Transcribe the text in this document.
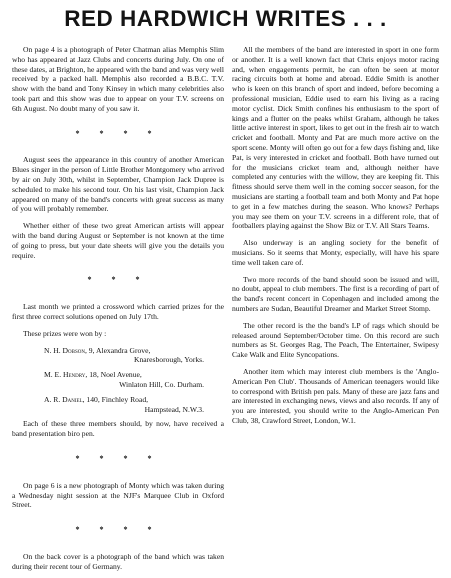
RED HARDWICH WRITES . . .

On page 4 is a photograph of Peter Chatman alias Memphis Slim who has appeared at Jazz Clubs and concerts during July. On one of these dates, at Brighton, he appeared with the band and was very well received by a packed hall. Memphis also recorded a B.B.C. T.V. show with the band and Tony Kinsey in which many celebrities also took part and this show was due to appear on your T.V. screens on 6th August. No doubt many of you saw it.

* * * *

August sees the appearance in this country of another American Blues singer in the person of Little Brother Montgomery who arrived by air on July 30th, whilst in September, Champion Jack Dupree is scheduled to make his second tour. On his last visit, Champion Jack appeared on many of the band's concerts with great success as many of you will probably remember.

Whether either of these two great American artists will appear with the band during August or September is not known at the time of going to press, but your date sheets will give you the details you require.

* * *

Last month we printed a crossword which carried prizes for the first three correct solutions opened on July 17th.

These prizes were won by :

N. H. Dobson, 9, Alexandra Grove,
Knaresborough, Yorks.

M. E. Hendry, 18, Noel Avenue,
Winlaton Hill, Co. Durham.

A. R. Daniel, 140, Finchley Road,
Hampstead, N.W.3.

Each of these three members should, by now, have received a band presentation biro pen.

* * * *

On page 6 is a new photograph of Monty which was taken during a Wednesday night session at the NJF's Marquee Club in Oxford Street.

* * * *

On the back cover is a photograph of the band which was taken during their recent tour of Germany.

All the members of the band are interested in sport in one form or another. It is a well known fact that Chris enjoys motor racing and, when engagements permit, he can often be seen at motor racing circuits both at home and abroad. Eddie Smith is another who is keen on this branch of sport and indeed, before becoming a professional musician, Eddie used to earn his living as a racing motor cyclist. Dick Smith confines his enthusiasm to the sport of kings and a flutter on the peaks whilst Graham, although he takes little active interest in sport, likes to get out in the fresh air to watch cricket and football. Monty and Pat are much more active on the sport scene. Monty will often go out for a few days fishing and, like Pat, is very interested in cricket and football. Both have turned out for the musicians cricket team and, although neither have completed any centuries with the willow, they are keeping fit. This fitness should serve them well in the coming soccer season, for the musicians are starting a football team and both Monty and Pat hope to get in a few matches during the season. Who knows? Perhaps you may see them on your T.V. screens in a different role, that of footballers playing against the Show Biz or T.V. All Stars Teams.

Also underway is an angling society for the benefit of musicians. So it seems that Monty, especially, will have his spare time well taken care of.

Two more records of the band should soon be issued and will, no doubt, appeal to club members. The first is a recording of part of the band's recent concert in Copenhagen and included among the numbers are Sudan, Beautiful Dreamer and Market Street Stomp.

The other record is the the band's LP of rags which should be released around September/October time. On this record are such numbers as St. Georges Rag, The Peach, The Entertainer, Swipesy Cake Walk and Elite Syncopations.

Another item which may interest club members is the 'Anglo-American Pen Club'. Thousands of American teenagers would like to correspond with British pen pals. Many of these are jazz fans and are interested in exchanging news, views and also records. If any of you are interested, you should write to the Anglo-American Pen Club, 38, Crawford Street, London, W.1.
